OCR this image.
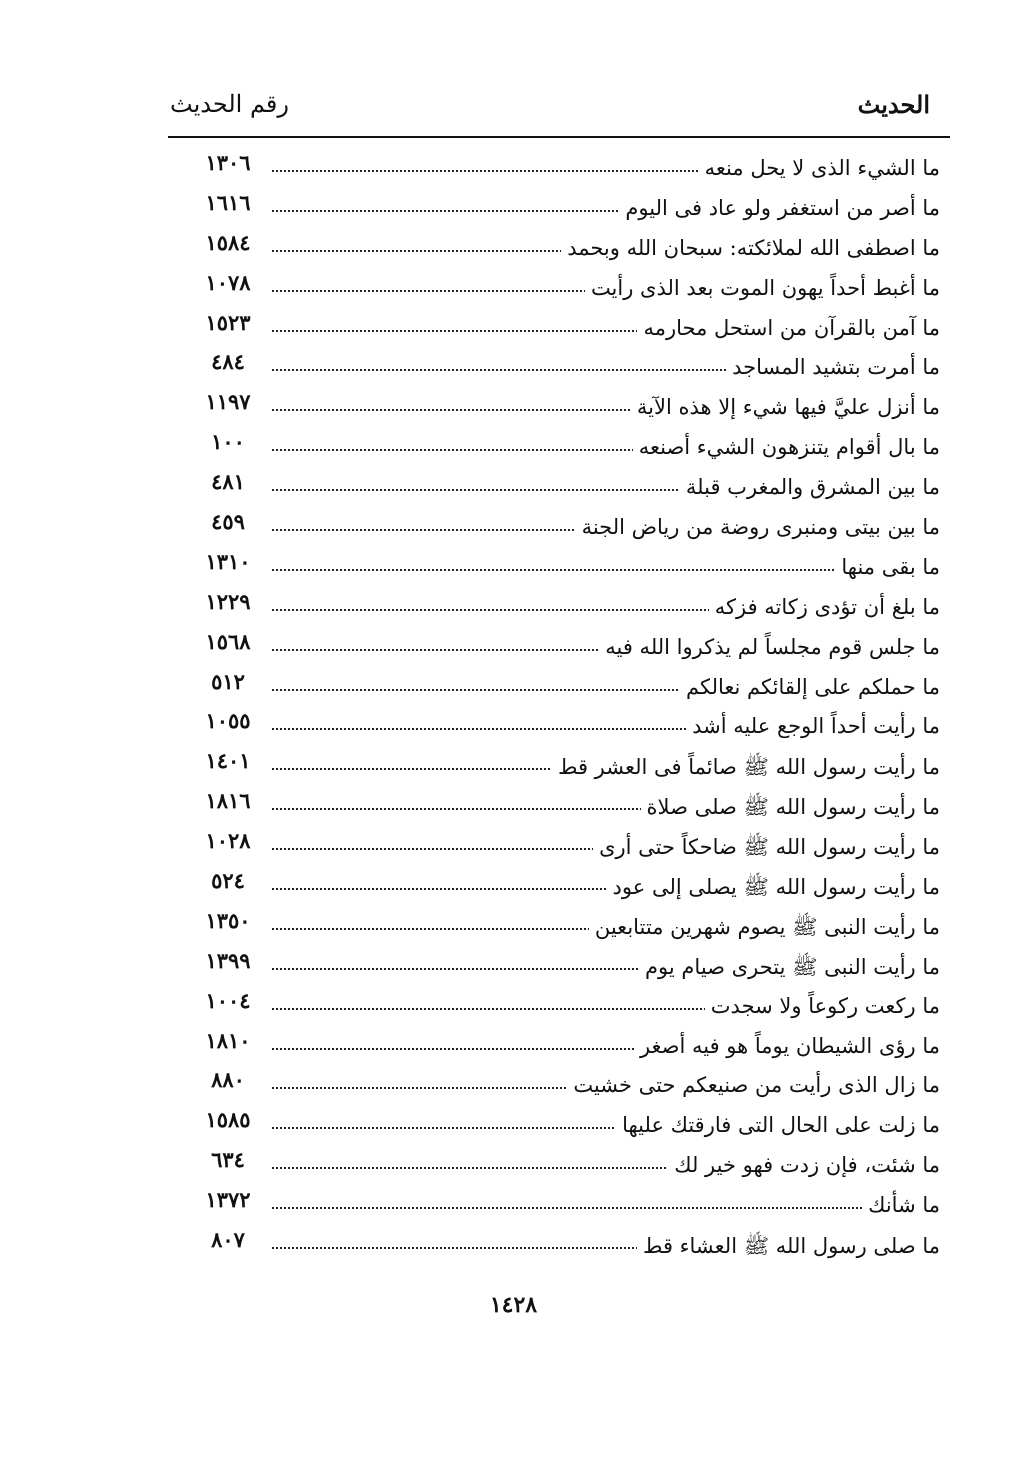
الحديث
رقم الحديث
ما الشيء الذى لا يحل منعه
١٣٠٦
ما أصر من استغفر ولو عاد فى اليوم
١٦١٦
ما اصطفى الله لملائكته: سبحان الله وبحمد
١٥٨٤
ما أغبط أحداً يهون الموت بعد الذى رأيت
١٠٧٨
ما آمن بالقرآن من استحل محارمه
١٥٢٣
ما أمرت بتشيد المساجد
٤٨٤
ما أنزل عليَّ فيها شيء إلا هذه الآية
١١٩٧
ما بال أقوام يتنزهون الشيء أصنعه
١٠٠
ما بين المشرق والمغرب قبلة
٤٨١
ما بين بيتى ومنبرى روضة من رياض الجنة
٤٥٩
ما بقى منها
١٣١٠
ما بلغ أن تؤدى زكاته فزكه
١٢٢٩
ما جلس قوم مجلساً لم يذكروا الله فيه
١٥٦٨
ما حملكم على إلقائكم نعالكم
٥١٢
ما رأيت أحداً الوجع عليه أشد
١٠٥٥
ما رأيت رسول الله ﷺ صائماً فى العشر قط
١٤٠١
ما رأيت رسول الله ﷺ صلى صلاة
١٨١٦
ما رأيت رسول الله ﷺ ضاحكاً حتى أرى
١٠٢٨
ما رأيت رسول الله ﷺ يصلى إلى عود
٥٢٤
ما رأيت النبى ﷺ يصوم شهرين متتابعين
١٣٥٠
ما رأيت النبى ﷺ يتحرى صيام يوم
١٣٩٩
ما ركعت ركوعاً ولا سجدت
١٠٠٤
ما رؤى الشيطان يوماً هو فيه أصغر
١٨١٠
ما زال الذى رأيت من صنيعكم حتى خشيت
٨٨٠
ما زلت على الحال التى فارقتك عليها
١٥٨٥
ما شئت، فإن زدت فهو خير لك
٦٣٤
ما شأنك
١٣٧٢
ما صلى رسول الله ﷺ العشاء قط
٨٠٧
١٤٢٨
